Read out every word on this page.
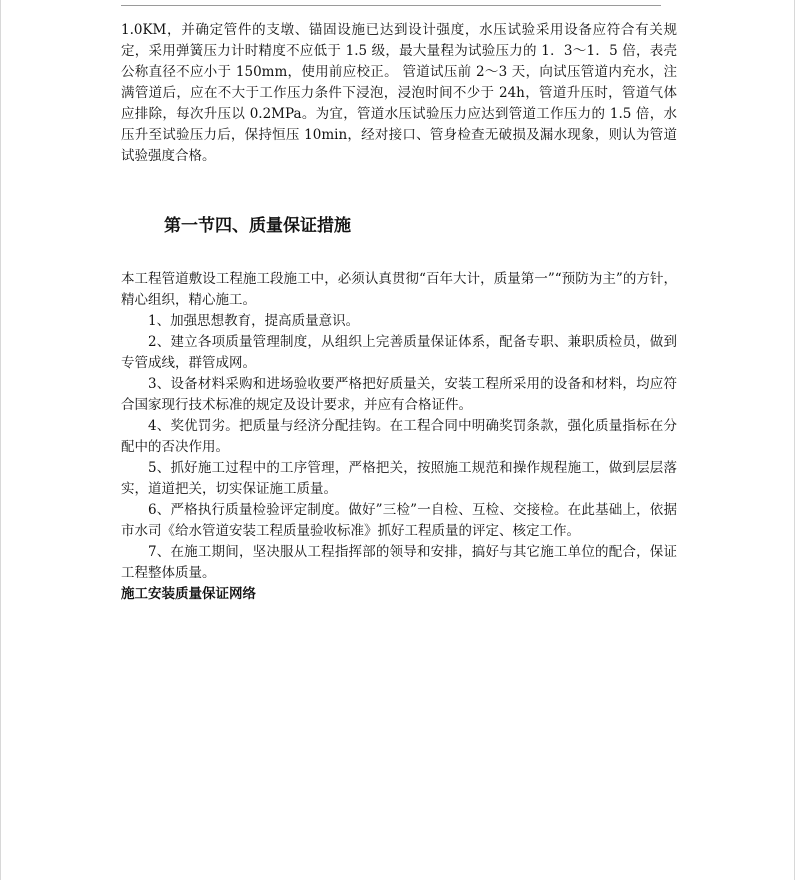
1.0KM，并确定管件的支墩、锚固设施已达到设计强度，水压试验采用设备应符合有关规定，采用弹簧压力计时精度不应低于 1.5 级，最大量程为试验压力的 1．3～1．5 倍，表壳公称直径不应小于 150mm，使用前应校正。 管道试压前 2～3 天，向试压管道内充水，注满管道后，应在不大于工作压力条件下浸泡，浸泡时间不少于 24h，管道升压时，管道气体应排除，每次升压以 0.2MPa。为宜，管道水压试验压力应达到管道工作压力的 1.5 倍，水压升至试验压力后，保持恒压 10min，经对接口、管身检查无破损及漏水现象，则认为管道试验强度合格。

第一节四、质量保证措施

本工程管道敷设工程施工段施工中，必须认真贯彻“百年大计，质量第一”“预防为主”的方针，精心组织，精心施工。

1、加强思想教育，提高质量意识。

2、建立各项质量管理制度，从组织上完善质量保证体系，配备专职、兼职质检员，做到专管成线，群管成网。

3、设备材料采购和进场验收要严格把好质量关，安装工程所采用的设备和材料，均应符合国家现行技术标准的规定及设计要求，并应有合格证件。

4、奖优罚劣。把质量与经济分配挂钩。在工程合同中明确奖罚条款，强化质量指标在分配中的否决作用。

5、抓好施工过程中的工序管理，严格把关，按照施工规范和操作规程施工，做到层层落实，道道把关，切实保证施工质量。

6、严格执行质量检验评定制度。做好”三检”一自检、互检、交接检。在此基础上，依据市水司《给水管道安装工程质量验收标准》抓好工程质量的评定、核定工作。

7、在施工期间，坚决服从工程指挥部的领导和安排，搞好与其它施工单位的配合，保证工程整体质量。

施工安装质量保证网络
